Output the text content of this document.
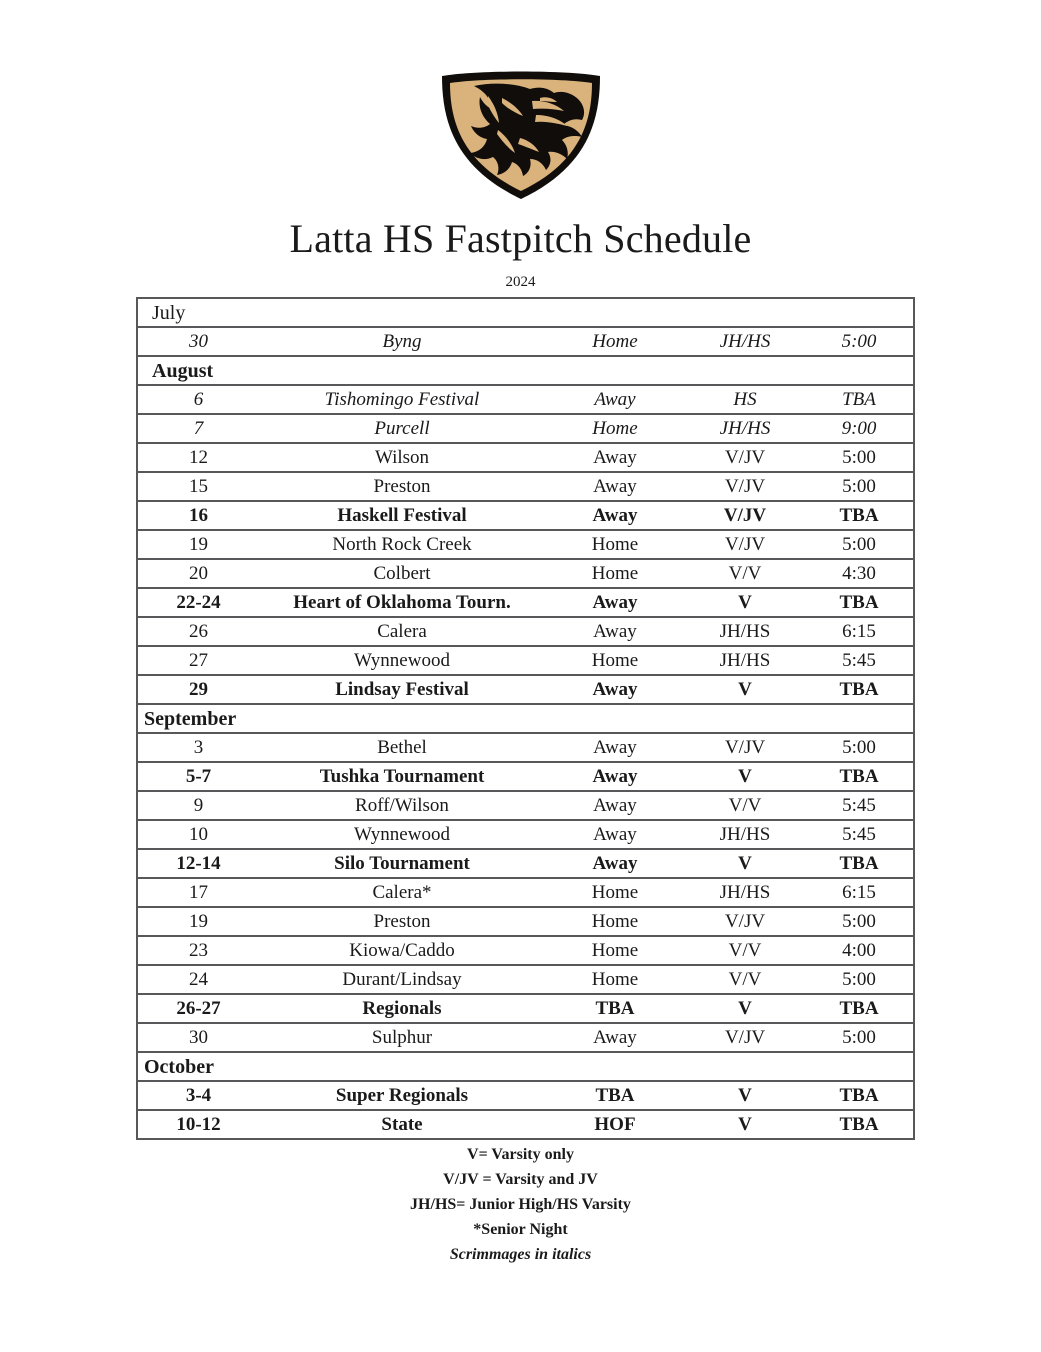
Latta HS Fastpitch Schedule
2024
July				
30	Byng	Home	JH/HS	5:00
August				
6	Tishomingo Festival	Away	HS	TBA
7	Purcell	Home	JH/HS	9:00
12	Wilson	Away	V/JV	5:00
15	Preston	Away	V/JV	5:00
16	Haskell Festival	Away	V/JV	TBA
19	North Rock Creek	Home	V/JV	5:00
20	Colbert	Home	V/V	4:30
22-24	Heart of Oklahoma Tourn.	Away	V	TBA
26	Calera	Away	JH/HS	6:15
27	Wynnewood	Home	JH/HS	5:45
29	Lindsay Festival	Away	V	TBA
September				
3	Bethel	Away	V/JV	5:00
5-7	Tushka Tournament	Away	V	TBA
9	Roff/Wilson	Away	V/V	5:45
10	Wynnewood	Away	JH/HS	5:45
12-14	Silo Tournament	Away	V	TBA
17	Calera*	Home	JH/HS	6:15
19	Preston	Home	V/JV	5:00
23	Kiowa/Caddo	Home	V/V	4:00
24	Durant/Lindsay	Home	V/V	5:00
26-27	Regionals	TBA	V	TBA
30	Sulphur	Away	V/JV	5:00
October				
3-4	Super Regionals	TBA	V	TBA
10-12	State	HOF	V	TBA
V= Varsity only
V/JV = Varsity and JV
JH/HS= Junior High/HS Varsity
*Senior Night
Scrimmages in italics
